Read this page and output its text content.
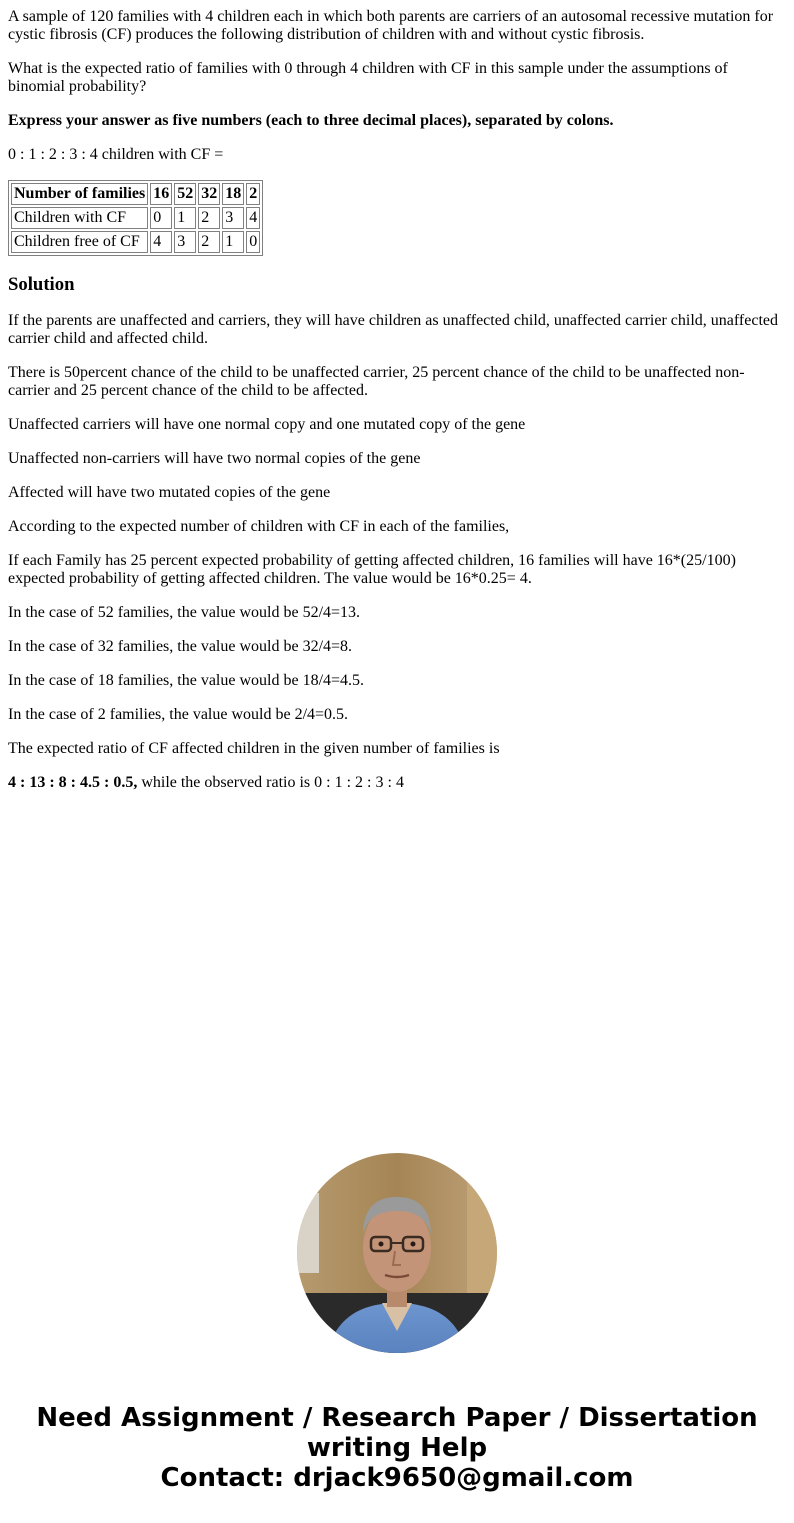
A sample of 120 families with 4 children each in which both parents are carriers of an autosomal recessive mutation for cystic fibrosis (CF) produces the following distribution of children with and without cystic fibrosis.

What is the expected ratio of families with 0 through 4 children with CF in this sample under the assumptions of binomial probability?

Express your answer as five numbers (each to three decimal places), separated by colons.

0 : 1 : 2 : 3 : 4 children with CF =

Number of families	16	52	32	18	2
Children with CF	0	1	2	3	4
Children free of CF	4	3	2	1	0
Solution

If the parents are unaffected and carriers, they will have children as unaffected child, unaffected carrier child, unaffected carrier child and affected child.

There is 50percent chance of the child to be unaffected carrier, 25 percent chance of the child to be unaffected non-carrier and 25 percent chance of the child to be affected.

Unaffected carriers will have one normal copy and one mutated copy of the gene

Unaffected non-carriers will have two normal copies of the gene

Affected will have two mutated copies of the gene

According to the expected number of children with CF in each of the families,

If each Family has 25 percent expected probability of getting affected children, 16 families will have 16*(25/100) expected probability of getting affected children. The value would be 16*0.25= 4.

In the case of 52 families, the value would be 52/4=13.

In the case of 32 families, the value would be 32/4=8.

In the case of 18 families, the value would be 18/4=4.5.

In the case of 2 families, the value would be 2/4=0.5.

The expected ratio of CF affected children in the given number of families is

4 : 13 : 8 : 4.5 : 0.5, while the observed ratio is 0 : 1 : 2 : 3 : 4

Need Assignment / Research Paper / Dissertation
writing Help
Contact: drjack9650@gmail.com
